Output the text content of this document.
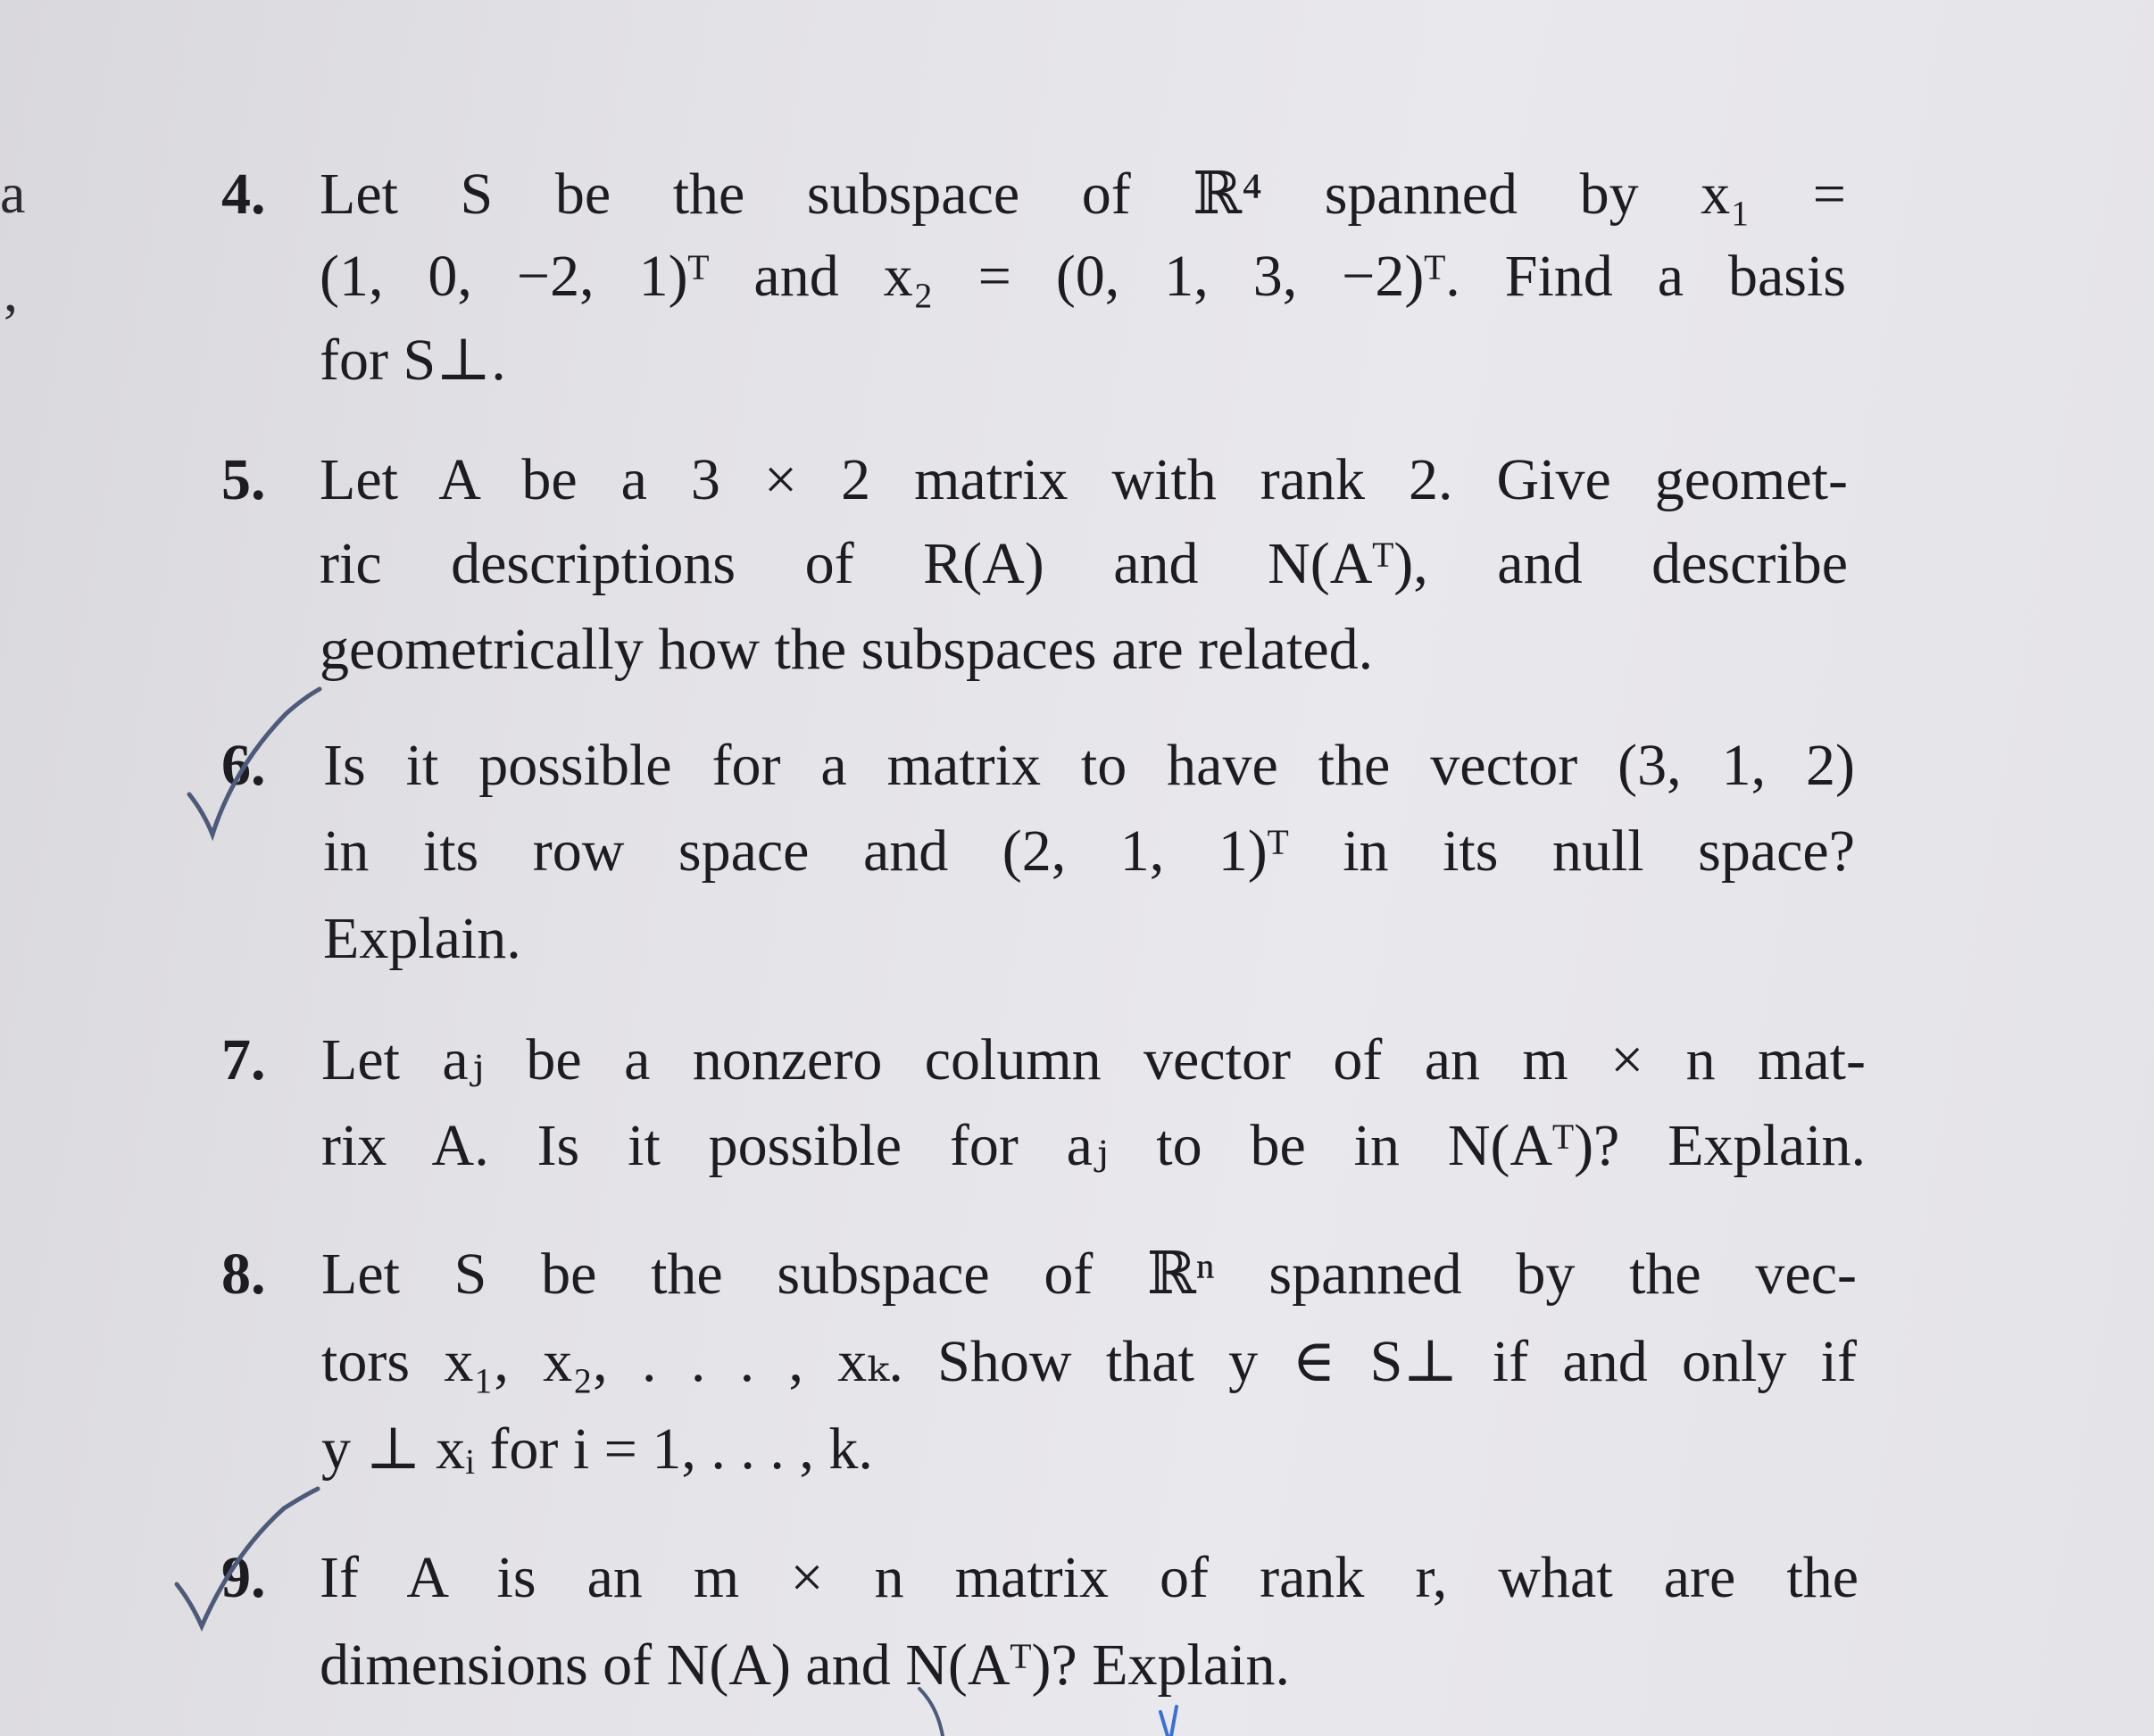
a
,
4. Let S be the subspace of ℝ⁴ spanned by x₁ =
(1, 0, −2, 1)ᵀ and x₂ = (0, 1, 3, −2)ᵀ. Find a basis
for S⊥.
5. Let A be a 3 × 2 matrix with rank 2. Give geomet-
ric descriptions of R(A) and N(Aᵀ), and describe
geometrically how the subspaces are related.
6. Is it possible for a matrix to have the vector (3, 1, 2)
in its row space and (2, 1, 1)ᵀ in its null space?
Explain.
7. Let aⱼ be a nonzero column vector of an m × n mat-
rix A. Is it possible for aⱼ to be in N(Aᵀ)? Explain.
8. Let S be the subspace of ℝⁿ spanned by the vec-
tors x₁, x₂, . . . , xₖ. Show that y ∈ S⊥ if and only if
y ⊥ xᵢ for i = 1, . . . , k.
9. If A is an m × n matrix of rank r, what are the
dimensions of N(A) and N(Aᵀ)? Explain.
